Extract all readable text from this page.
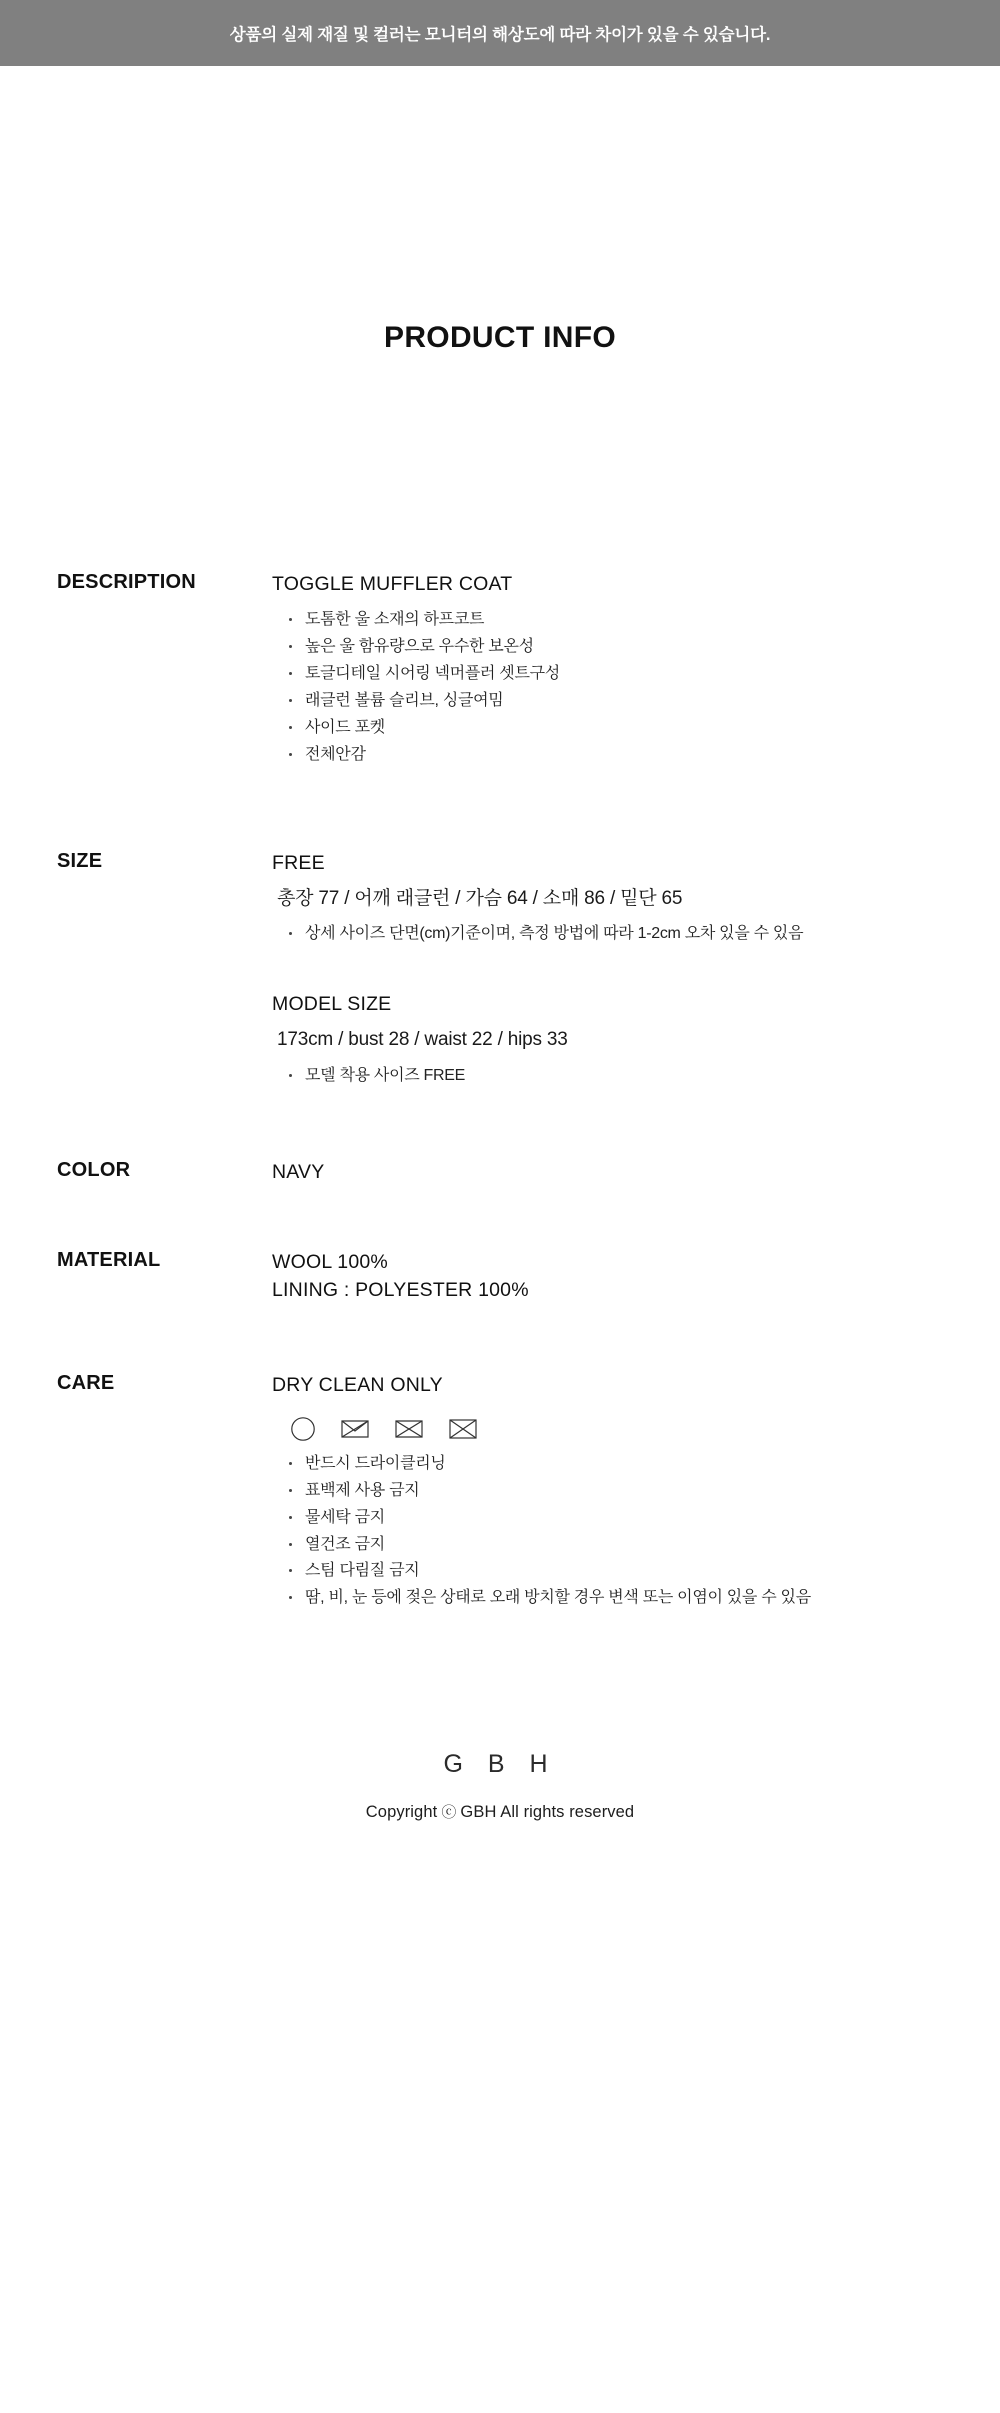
상품의 실제 재질 및 컬러는 모니터의 해상도에 따라 차이가 있을 수 있습니다.
PRODUCT INFO
DESCRIPTION	TOGGLE MUFFLER COAT
도톰한 울 소재의 하프코트
높은 울 함유량으로 우수한 보온성
토글디테일 시어링 넥머플러 셋트구성
래글런 볼륨 슬리브, 싱글여밈
사이드 포켓
전체안감
SIZE	FREE
총장 77 / 어깨 래글런 / 가슴 64 / 소매 86 / 밑단 65
상세 사이즈 단면(cm)기준이며, 측정 방법에 따라 1-2cm 오차 있을 수 있음
MODEL SIZE
173cm / bust 28 / waist 22 / hips 33
모델 착용 사이즈 FREE
COLOR	NAVY
MATERIAL	WOOL 100%
LINING : POLYESTER 100%
CARE	DRY CLEAN ONLY
반드시 드라이클리닝
표백제 사용 금지
물세탁 금지
열건조 금지
스팀 다림질 금지
땀, 비, 눈 등에 젖은 상태로 오래 방치할 경우 변색 또는 이염이 있을 수 있음
G B H
Copyright ⓒ GBH All rights reserved
